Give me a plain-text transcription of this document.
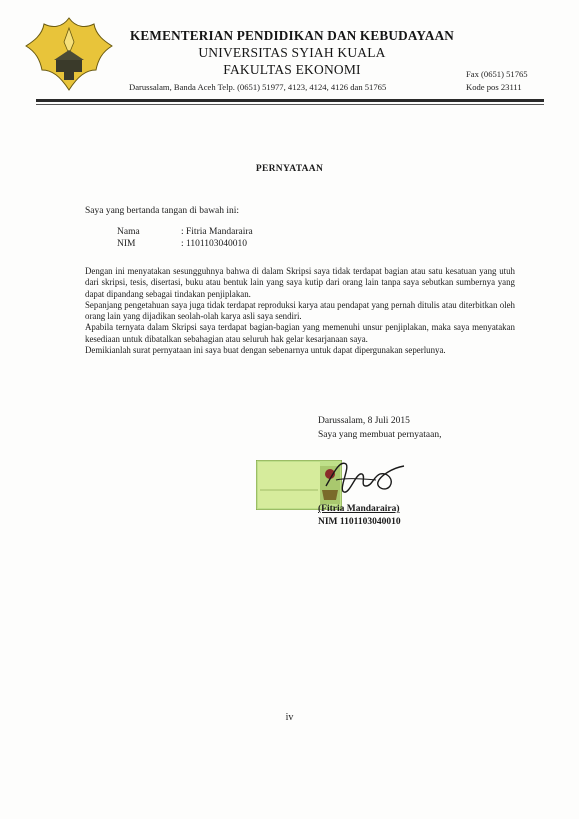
KEMENTERIAN PENDIDIKAN DAN KEBUDAYAAN
UNIVERSITAS SYIAH KUALA
FAKULTAS EKONOMI
Darussalam, Banda Aceh Telp. (0651) 51977, 4123, 4124, 4126 dan 51765
Fax (0651) 51765
Kode pos 23111
PERNYATAAN
Saya yang bertanda tangan di bawah ini:
Nama	: Fitria Mandaraira
NIM	: 1101103040010

Dengan ini menyatakan sesungguhnya bahwa di dalam Skripsi saya tidak terdapat bagian atau satu kesatuan yang utuh dari skripsi, tesis, disertasi, buku atau bentuk lain yang saya kutip dari orang lain tanpa saya sebutkan sumbernya yang dapat dipandang sebagai tindakan penjiplakan.

Sepanjang pengetahuan saya juga tidak terdapat reproduksi karya atau pendapat yang pernah ditulis atau diterbitkan oleh orang lain yang dijadikan seolah-olah karya asli saya sendiri.

Apabila ternyata dalam Skripsi saya terdapat bagian-bagian yang memenuhi unsur penjiplakan, maka saya menyatakan kesediaan untuk dibatalkan sebahagian atau seluruh hak gelar kesarjanaan saya.

Demikianlah surat pernyataan ini saya buat dengan sebenarnya untuk dapat dipergunakan seperlunya.

Darussalam, 8 Juli 2015
Saya yang membuat pernyataan,
(Fitria Mandaraira)
NIM 1101103040010
iv
